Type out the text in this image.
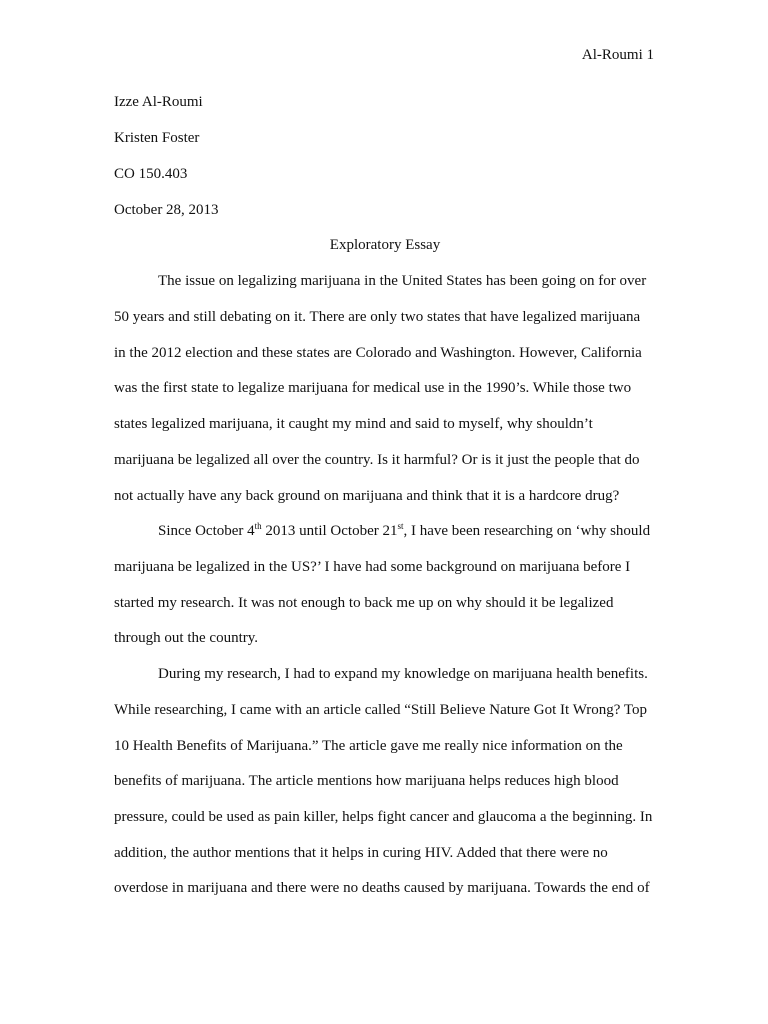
Al-Roumi 1
Izze Al-Roumi
Kristen Foster
CO 150.403
October 28, 2013
Exploratory Essay
The issue on legalizing marijuana in the United States has been going on for over
50 years and still debating on it. There are only two states that have legalized marijuana
in the 2012 election and these states are Colorado and Washington. However, California
was the first state to legalize marijuana for medical use in the 1990’s. While those two
states legalized marijuana, it caught my mind and said to myself, why shouldn’t
marijuana be legalized all over the country. Is it harmful? Or is it just the people that do
not actually have any back ground on marijuana and think that it is a hardcore drug?
Since October 4th 2013 until October 21st, I have been researching on ‘why should
marijuana be legalized in the US?’ I have had some background on marijuana before I
started my research. It was not enough to back me up on why should it be legalized
through out the country.
During my research, I had to expand my knowledge on marijuana health benefits.
While researching, I came with an article called “Still Believe Nature Got It Wrong? Top
10 Health Benefits of Marijuana.” The article gave me really nice information on the
benefits of marijuana. The article mentions how marijuana helps reduces high blood
pressure, could be used as pain killer, helps fight cancer and glaucoma a the beginning. In
addition, the author mentions that it helps in curing HIV. Added that there were no
overdose in marijuana and there were no deaths caused by marijuana. Towards the end of
